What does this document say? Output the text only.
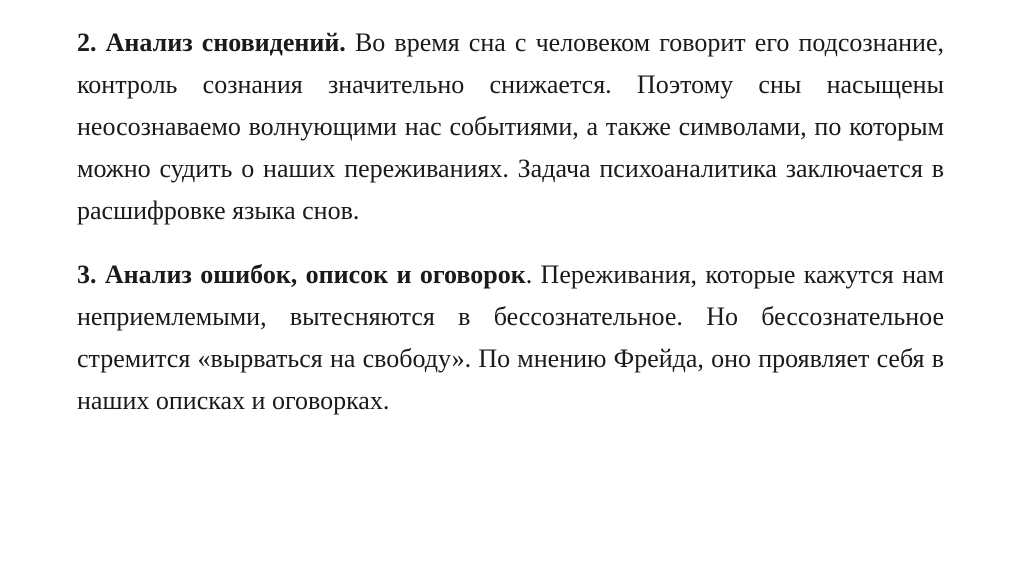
2. Анализ сновидений. Во время сна с человеком говорит его подсознание, контроль сознания значительно снижается. Поэтому сны насыщены неосознаваемо волнующими нас событиями, а также символами, по которым можно судить о наших переживаниях. Задача психоаналитика заключается в расшифровке языка снов.

3. Анализ ошибок, описок и оговорок. Переживания, которые кажутся нам неприемлемыми, вытесняются в бессознательное. Но бессознательное стремится «вырваться на свободу». По мнению Фрейда, оно проявляет себя в наших описках и оговорках.
